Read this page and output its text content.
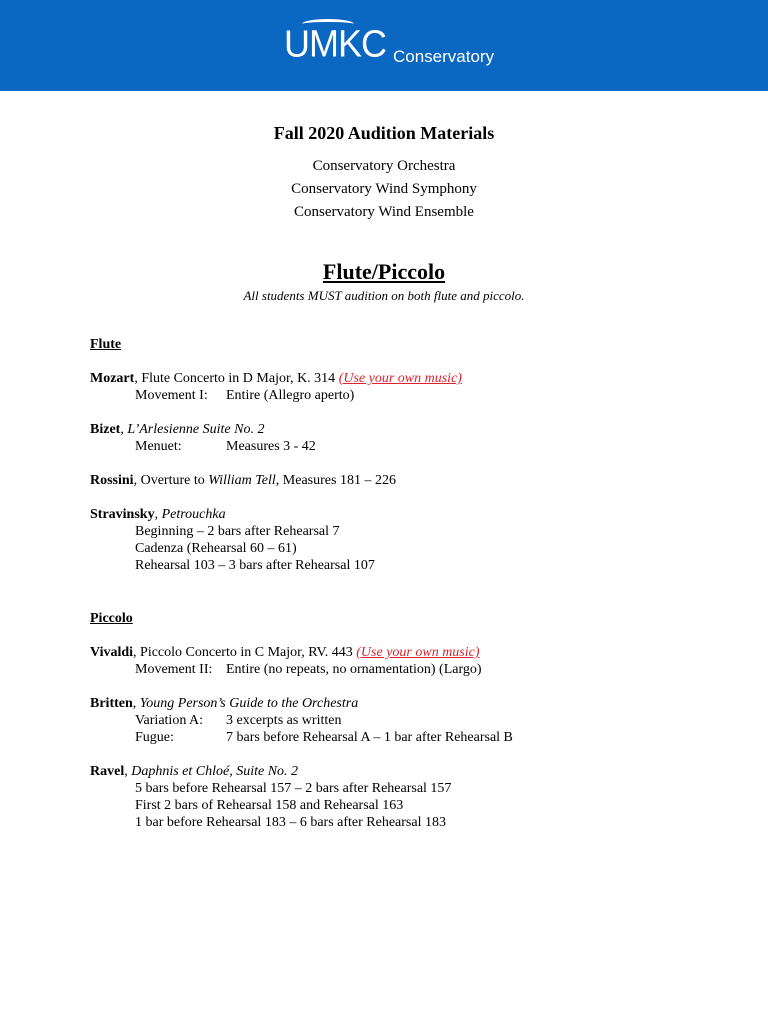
UMKC Conservatory
Fall 2020 Audition Materials
Conservatory Orchestra
Conservatory Wind Symphony
Conservatory Wind Ensemble
Flute/Piccolo
All students MUST audition on both flute and piccolo.
Flute
Mozart, Flute Concerto in D Major, K. 314 (Use your own music)
Movement I: Entire (Allegro aperto)
Bizet, L’Arlesienne Suite No. 2
Menuet:	Measures 3 - 42
Rossini, Overture to William Tell, Measures 181 – 226
Stravinsky, Petrouchka
Beginning – 2 bars after Rehearsal 7
Cadenza (Rehearsal 60 – 61)
Rehearsal 103 – 3 bars after Rehearsal 107
Piccolo
Vivaldi, Piccolo Concerto in C Major, RV. 443 (Use your own music)
Movement II: Entire (no repeats, no ornamentation) (Largo)
Britten, Young Person’s Guide to the Orchestra
Variation A: 3 excerpts as written
Fugue:	7 bars before Rehearsal A – 1 bar after Rehearsal B
Ravel, Daphnis et Chloé, Suite No. 2
5 bars before Rehearsal 157 – 2 bars after Rehearsal 157
First 2 bars of Rehearsal 158 and Rehearsal 163
1 bar before Rehearsal 183 – 6 bars after Rehearsal 183
